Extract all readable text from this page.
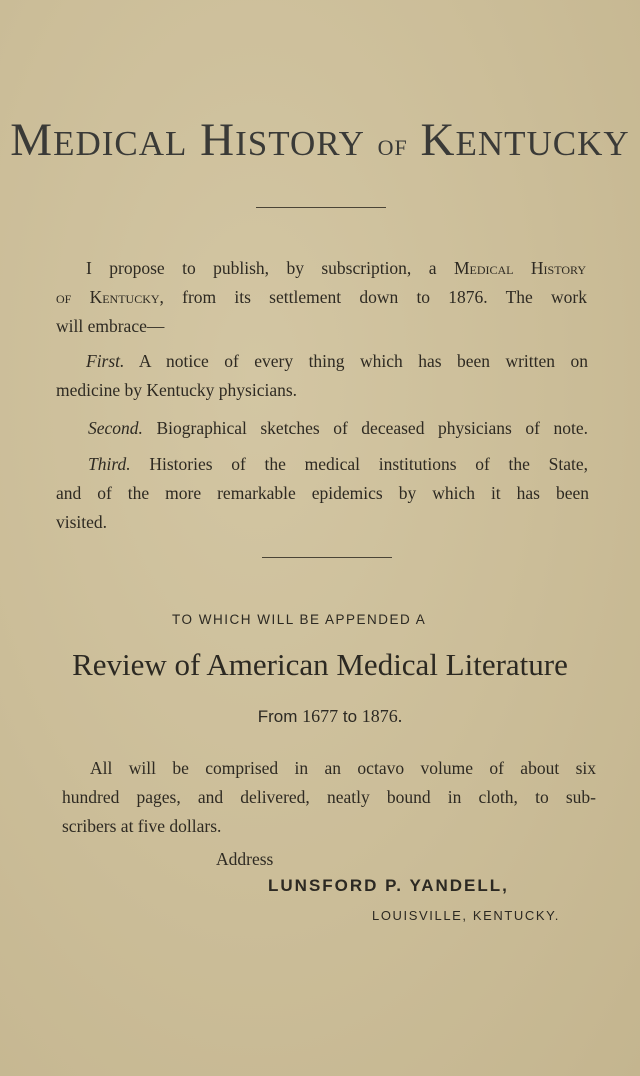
MEDICAL HISTORY OF KENTUCKY
I propose to publish, by subscription, a Medical History
of Kentucky, from its settlement down to 1876. The work
will embrace—
First. A notice of every thing which has been written on
medicine by Kentucky physicians.
Second. Biographical sketches of deceased physicians of note.
Third. Histories of the medical institutions of the State,
and of the more remarkable epidemics by which it has been
visited.
TO WHICH WILL BE APPENDED A
Review of American Medical Literature
From 1677 to 1876.
All will be comprised in an octavo volume of about six
hundred pages, and delivered, neatly bound in cloth, to sub-
scribers at five dollars.
Address
LUNSFORD P. YANDELL,
LOUISVILLE, KENTUCKY.
